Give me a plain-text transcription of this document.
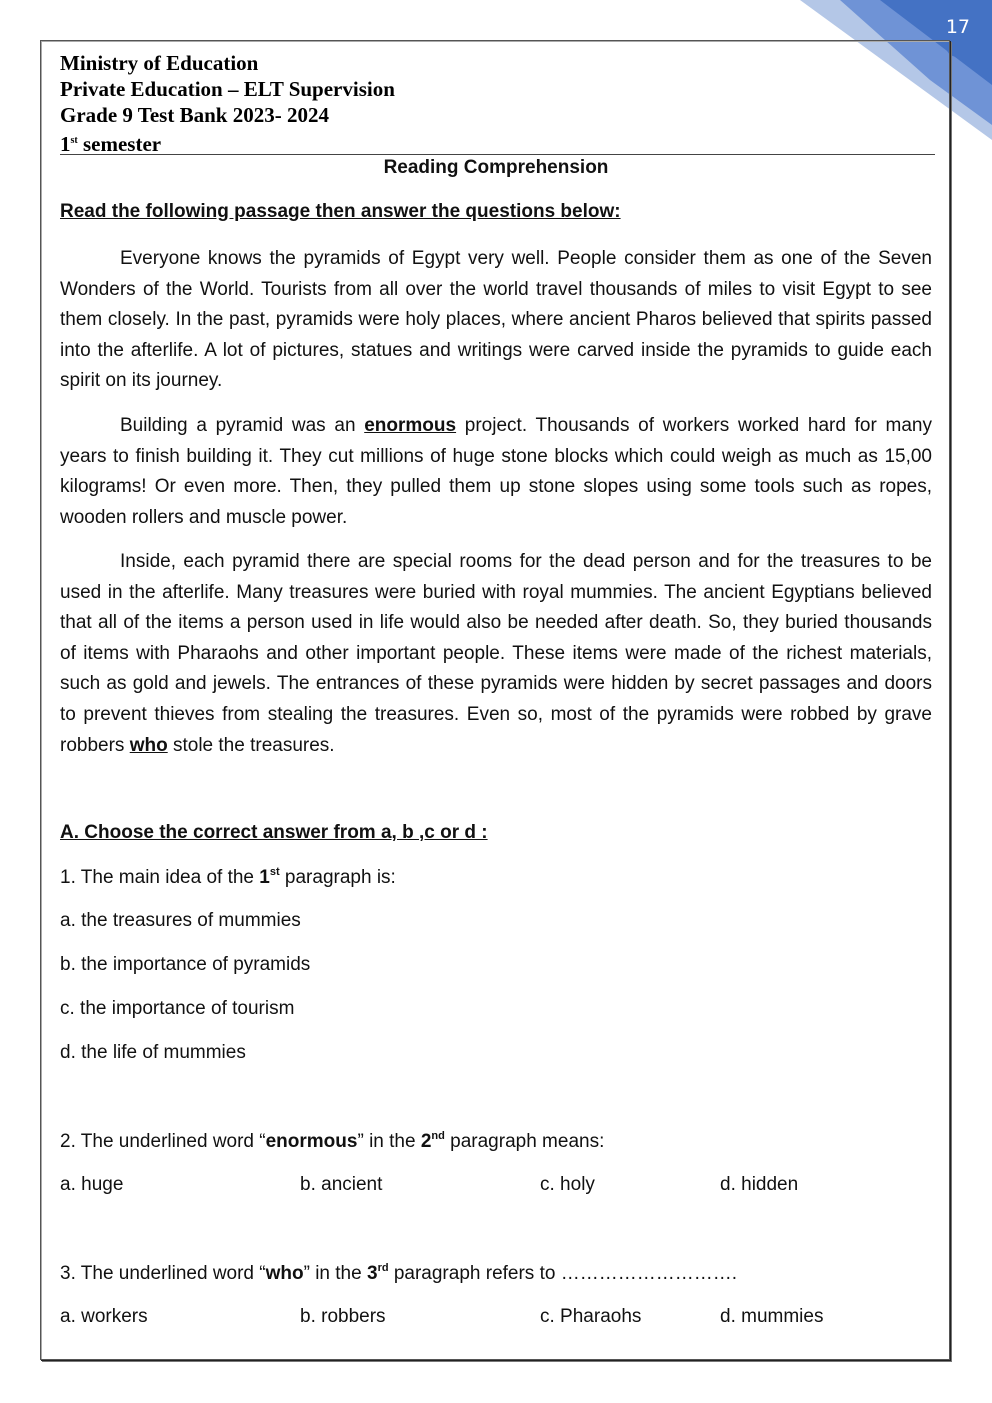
17
Ministry of Education
Private Education – ELT Supervision
Grade 9 Test Bank 2023- 2024
1st semester
Reading Comprehension
Read the following passage then answer the questions below:
Everyone knows the pyramids of Egypt very well. People consider them as one of the Seven Wonders of the World. Tourists from all over the world travel thousands of miles to visit Egypt to see them closely. In the past, pyramids were holy places, where ancient Pharos believed that spirits passed into the afterlife. A lot of pictures, statues and writings were carved inside the pyramids to guide each spirit on its journey.
Building a pyramid was an enormous project. Thousands of workers worked hard for many years to finish building it. They cut millions of huge stone blocks which could weigh as much as 15,00 kilograms! Or even more. Then, they pulled them up stone slopes using some tools such as ropes, wooden rollers and muscle power.
Inside, each pyramid there are special rooms for the dead person and for the treasures to be used in the afterlife. Many treasures were buried with royal mummies. The ancient Egyptians believed that all of the items a person used in life would also be needed after death. So, they buried thousands of items with Pharaohs and other important people. These items were made of the richest materials, such as gold and jewels. The entrances of these pyramids were hidden by secret passages and doors to prevent thieves from stealing the treasures. Even so, most of the pyramids were robbed by grave robbers who stole the treasures.
A. Choose the correct answer from a, b ,c or d :
1. The main idea of the 1st paragraph is:
a. the treasures of mummies
b. the importance of pyramids
c. the importance of tourism
d. the life of mummies
2. The underlined word “enormous” in the 2nd paragraph means:
a. huge	b. ancient	c. holy	d. hidden
3. The underlined word “who” in the 3rd paragraph refers to ……………………….
a. workers	b. robbers	c. Pharaohs	d. mummies
